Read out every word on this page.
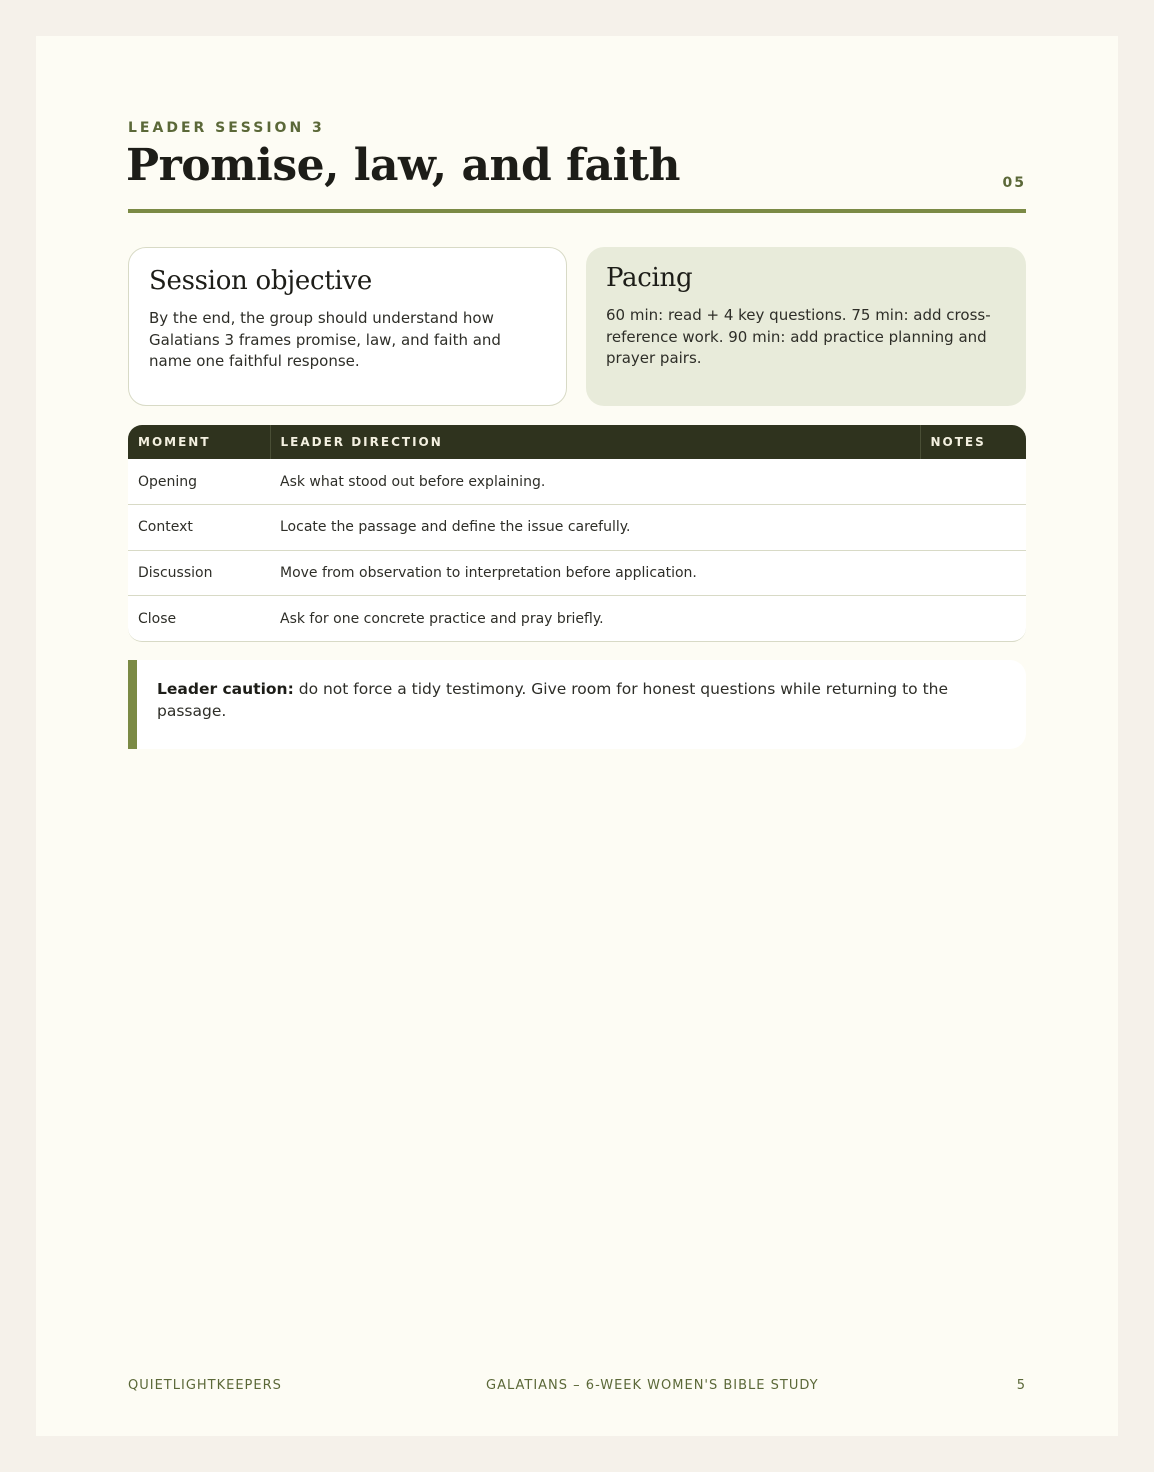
LEADER SESSION 3
Promise, law, and faith	05
Session objective
By the end, the group should understand how Galatians 3 frames promise, law, and faith and name one faithful response.
Pacing
60 min: read + 4 key questions. 75 min: add cross-reference work. 90 min: add practice planning and prayer pairs.
MOMENT	LEADER DIRECTION	NOTES
Opening	Ask what stood out before explaining.	
Context	Locate the passage and define the issue carefully.	
Discussion	Move from observation to interpretation before application.	
Close	Ask for one concrete practice and pray briefly.	
Leader caution: do not force a tidy testimony. Give room for honest questions while returning to the passage.
QUIETLIGHTKEEPERS	GALATIANS – 6-WEEK WOMEN'S BIBLE STUDY	5
